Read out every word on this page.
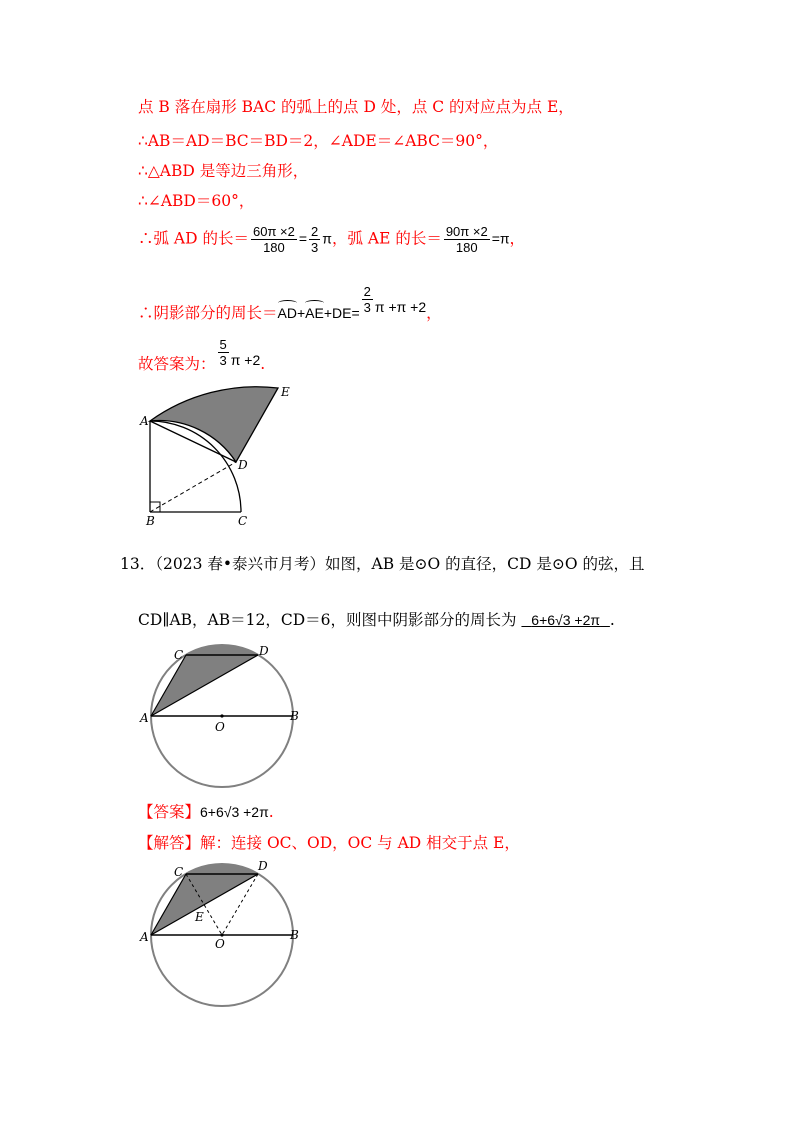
点 B 落在扇形 BAC 的弧上的点 D 处，点 C 的对应点为点 E，
∴AB＝AD＝BC＝BD＝2，∠ADE＝∠ABC＝90°，
∴△ABD 是等边三角形，
∴∠ABD＝60°，
∴弧 AD 的长＝ $\frac{60\pi \times 2}{180} = \frac{2}{3}$ π，弧 AE 的长＝ $\frac{90\pi \times 2}{180} =\pi$，
∴阴影部分的周长$=AD+AE+DE= \frac{2}{3}$ π +π +2，
故答案为： $\frac{5}{3}$ π +2.
A
B	C
D
E
13．（2023 春•泰兴市月考）如图，AB 是⊙O 的直径，CD 是⊙O 的弦，且
CD∥AB，AB＝12，CD＝6，则图中阴影部分的周长为 6+6√3 +2π .
C	D
A
O
B
【答案】6+6√3 +2π.
【解答】解：连接 OC、OD，OC 与 AD 相交于点 E，
C	D
E
A	O
B
